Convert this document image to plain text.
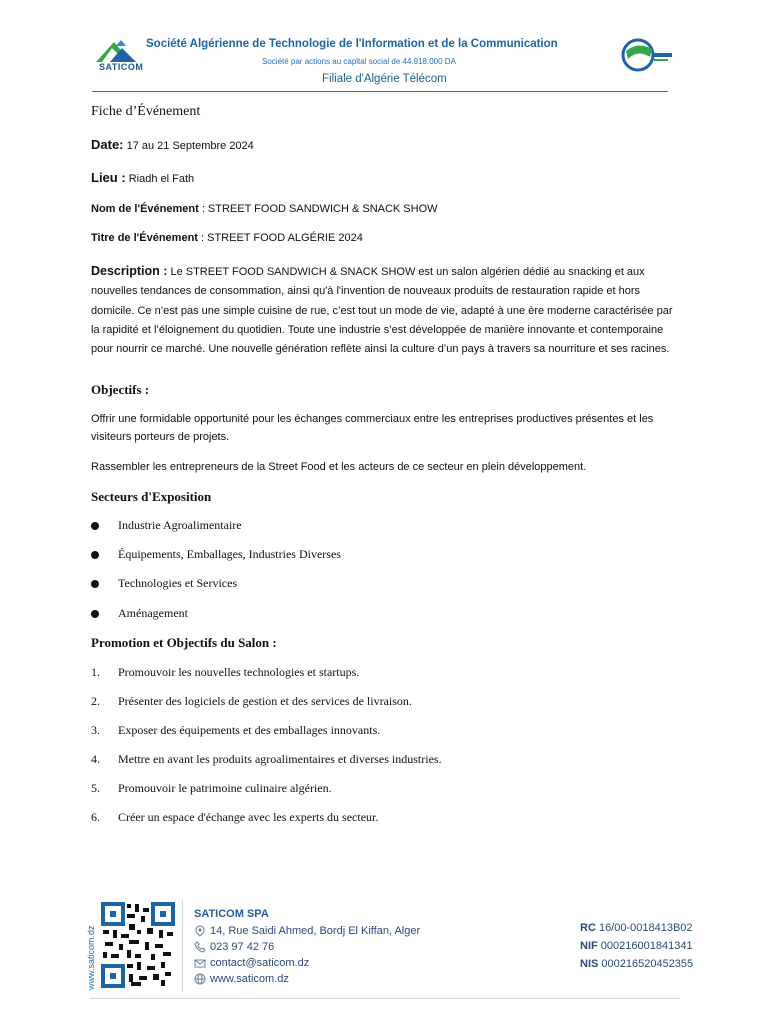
SATICOM
Société Algérienne de Technologie de l'Information et de la Communication
Société par actions au capital social de 44.918.000 DA
Filiale d'Algérie Télécom
Fiche d’Événement
Date: 17 au 21 Septembre 2024
Lieu : Riadh el Fath
Nom de l'Événement : STREET FOOD SANDWICH & SNACK SHOW
Titre de l'Événement : STREET FOOD ALGÉRIE 2024
Description : Le STREET FOOD SANDWICH & SNACK SHOW est un salon algérien dédié au snacking et aux nouvelles tendances de consommation, ainsi qu'à l'invention de nouveaux produits de restauration rapide et hors domicile. Ce n’est pas une simple cuisine de rue, c’est tout un mode de vie, adapté à une ère moderne caractérisée par la rapidité et l’éloignement du quotidien. Toute une industrie s’est développée de manière innovante et contemporaine pour nourrir ce marché. Une nouvelle génération reflète ainsi la culture d’un pays à travers sa nourriture et ses racines.
Objectifs :
Offrir une formidable opportunité pour les échanges commerciaux entre les entreprises productives présentes et les visiteurs porteurs de projets.
Rassembler les entrepreneurs de la Street Food et les acteurs de ce secteur en plein développement.
Secteurs d'Exposition
Industrie Agroalimentaire
Équipements, Emballages, Industries Diverses
Technologies et Services
Aménagement
Promotion et Objectifs du Salon :
1. Promouvoir les nouvelles technologies et startups.
2. Présenter des logiciels de gestion et des services de livraison.
3. Exposer des équipements et des emballages innovants.
4. Mettre en avant les produits agroalimentaires et diverses industries.
5. Promouvoir le patrimoine culinaire algérien.
6. Créer un espace d'échange avec les experts du secteur.
www.saticom.dz
SATICOM SPA
14, Rue Saidi Ahmed, Bordj El Kiffan, Alger
023 97 42 76
contact@saticom.dz
www.saticom.dz
RC 16/00-0018413B02
NIF 000216001841341
NIS 000216520452355
